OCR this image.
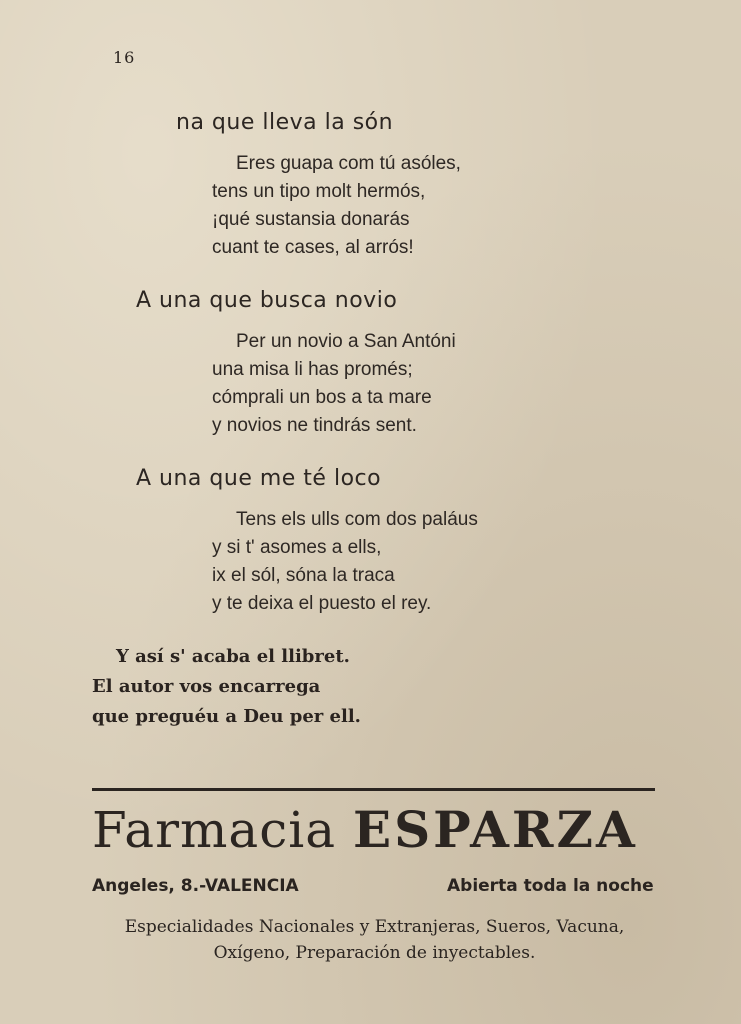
16
na que lleva la són
Eres guapa com tú asóles,
tens un tipo molt hermós,
¡qué sustansia donarás
cuant te cases, al arrós!
A una que busca novio
Per un novio a San Antóni
una misa li has promés;
cómprali un bos a ta mare
y novios ne tindrás sent.
A una que me té loco
Tens els ulls com dos paláus
y si t' asomes a ells,
ix el sól, sóna la traca
y te deixa el puesto el rey.
Y así s' acaba el llibret.
El autor vos encarrega
que preguéu a Deu per ell.
Farmacia ESPARZA
Angeles, 8.-VALENCIA	Abierta toda la noche
Especialidades Nacionales y Extranjeras, Sueros, Vacuna,
Oxígeno, Preparación de inyectables.
